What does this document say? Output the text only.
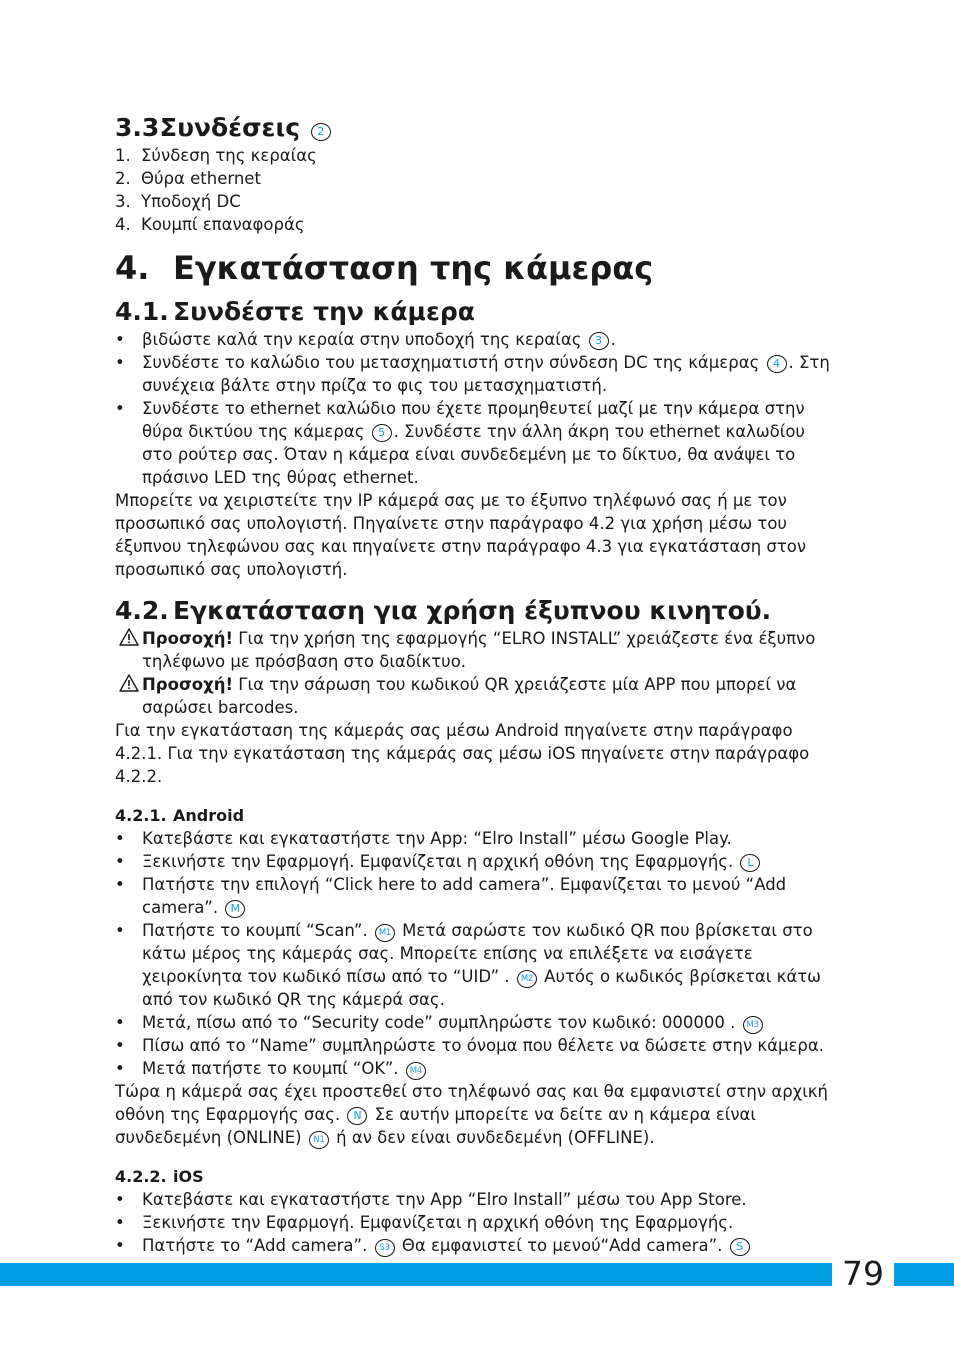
3.3.Συνδέσεις 2
1. Σύνδεση της κεραίας
2. Θύρα ethernet
3. Υποδοχή DC
4. Κουμπί επαναφοράς
4. Εγκατάσταση της κάμερας
4.1. Συνδέστε την κάμερα
• βιδώστε καλά την κεραία στην υποδοχή της κεραίας 3 .
• Συνδέστε το καλώδιο του μετασχηματιστή στην σύνδεση DC της κάμερας 4 . Στη συνέχεια βάλτε στην πρίζα το φις του μετασχηματιστή.
• Συνδέστε το ethernet καλώδιο που έχετε προμηθευτεί μαζί με την κάμερα στην θύρα δικτύου της κάμερας 5 . Συνδέστε την άλλη άκρη του ethernet καλωδίου στο ρούτερ σας. Όταν η κάμερα είναι συνδεδεμένη με το δίκτυο, θα ανάψει το πράσινο LED της θύρας ethernet.

Μπορείτε να χειριστείτε την IP κάμερά σας με το έξυπνο τηλέφωνό σας ή με τον προσωπικό σας υπολογιστή. Πηγαίνετε στην παράγραφο 4.2 για χρήση μέσω του έξυπνου τηλεφώνου σας και πηγαίνετε στην παράγραφο 4.3 για εγκατάσταση στον προσωπικό σας υπολογιστή.

4.2. Εγκατάσταση για χρήση έξυπνου κινητού.
Προσοχή! Για την χρήση της εφαρμογής “ELRO INSTALL” χρειάζεστε ένα έξυπνο τηλέφωνο με πρόσβαση στο διαδίκτυο.
Προσοχή! Για την σάρωση του κωδικού QR χρειάζεστε μία APP που μπορεί να σαρώσει barcodes.

Για την εγκατάσταση της κάμεράς σας μέσω Android πηγαίνετε στην παράγραφο 4.2.1. Για την εγκατάσταση της κάμεράς σας μέσω iOS πηγαίνετε στην παράγραφο 4.2.2.

4.2.1. Android
• Κατεβάστε και εγκαταστήστε την App: “Elro Install” μέσω Google Play.
• Ξεκινήστε την Εφαρμογή. Εμφανίζεται η αρχική οθόνη της Εφαρμογής. L
• Πατήστε την επιλογή “Click here to add camera”. Εμφανίζεται το μενού “Add camera”. M
• Πατήστε το κουμπί “Scan”. M1 Μετά σαρώστε τον κωδικό QR που βρίσκεται στο κάτω μέρος της κάμεράς σας. Μπορείτε επίσης να επιλέξετε να εισάγετε χειροκίνητα τον κωδικό πίσω από το “UID” . M2 Αυτός ο κωδικός βρίσκεται κάτω από τον κωδικό QR της κάμερά σας.
• Μετά, πίσω από το “Security code” συμπληρώστε τον κωδικό: 000000 . M3
• Πίσω από το “Name” συμπληρώστε το όνομα που θέλετε να δώσετε στην κάμερα.
• Μετά πατήστε το κουμπί “OK”. M4

Τώρα η κάμερά σας έχει προστεθεί στο τηλέφωνό σας και θα εμφανιστεί στην αρχική οθόνη της Εφαρμογής σας. N Σε αυτήν μπορείτε να δείτε αν η κάμερα είναι συνδεδεμένη (ONLINE) N1 ή αν δεν είναι συνδεδεμένη (OFFLINE).

4.2.2. iOS
• Κατεβάστε και εγκαταστήστε την App “Elro Install” μέσω του App Store.
• Ξεκινήστε την Εφαρμογή. Εμφανίζεται η αρχική οθόνη της Εφαρμογής.
• Πατήστε το “Add camera”. S3 Θα εμφανιστεί το μενού“Add camera”. S
79
